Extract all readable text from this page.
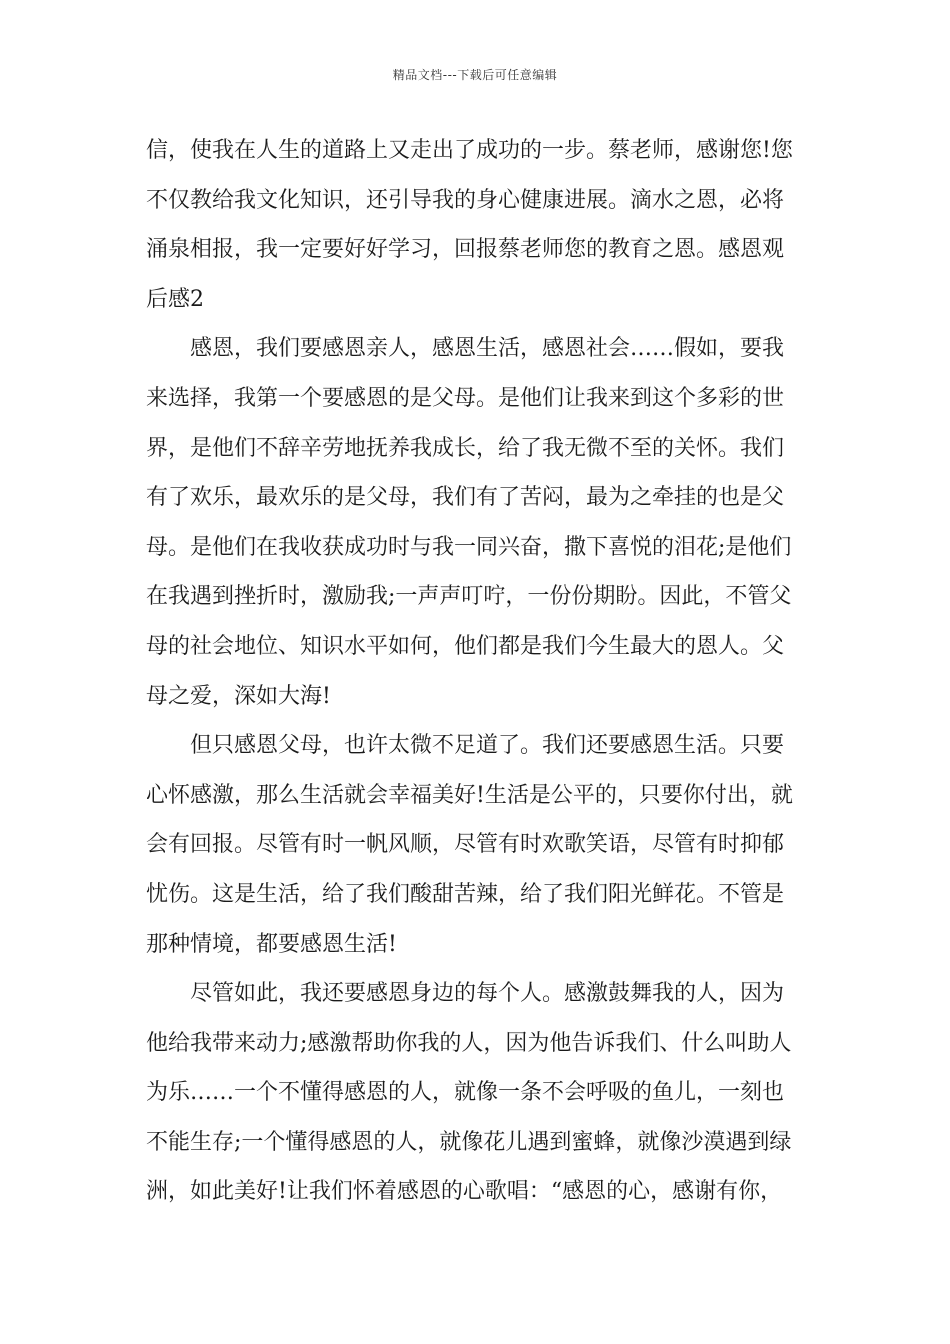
精品文档---下载后可任意编辑
信，使我在人生的道路上又走出了成功的一步。蔡老师，感谢您!您
不仅教给我文化知识，还引导我的身心健康进展。滴水之恩，必将
涌泉相报，我一定要好好学习，回报蔡老师您的教育之恩。感恩观
后感2
　　感恩，我们要感恩亲人，感恩生活，感恩社会……假如，要我
来选择，我第一个要感恩的是父母。是他们让我来到这个多彩的世
界，是他们不辞辛劳地抚养我成长，给了我无微不至的关怀。我们
有了欢乐，最欢乐的是父母，我们有了苦闷，最为之牵挂的也是父
母。是他们在我收获成功时与我一同兴奋，撒下喜悦的泪花;是他们
在我遇到挫折时，激励我;一声声叮咛，一份份期盼。因此，不管父
母的社会地位、知识水平如何，他们都是我们今生最大的恩人。父
母之爱，深如大海!
　　但只感恩父母，也许太微不足道了。我们还要感恩生活。只要
心怀感激，那么生活就会幸福美好!生活是公平的，只要你付出，就
会有回报。尽管有时一帆风顺，尽管有时欢歌笑语，尽管有时抑郁
忧伤。这是生活，给了我们酸甜苦辣，给了我们阳光鲜花。不管是
那种情境，都要感恩生活!
　　尽管如此，我还要感恩身边的每个人。感激鼓舞我的人，因为
他给我带来动力;感激帮助你我的人，因为他告诉我们、什么叫助人
为乐……一个不懂得感恩的人，就像一条不会呼吸的鱼儿，一刻也
不能生存;一个懂得感恩的人，就像花儿遇到蜜蜂，就像沙漠遇到绿
洲，如此美好!让我们怀着感恩的心歌唱：“感恩的心，感谢有你，
